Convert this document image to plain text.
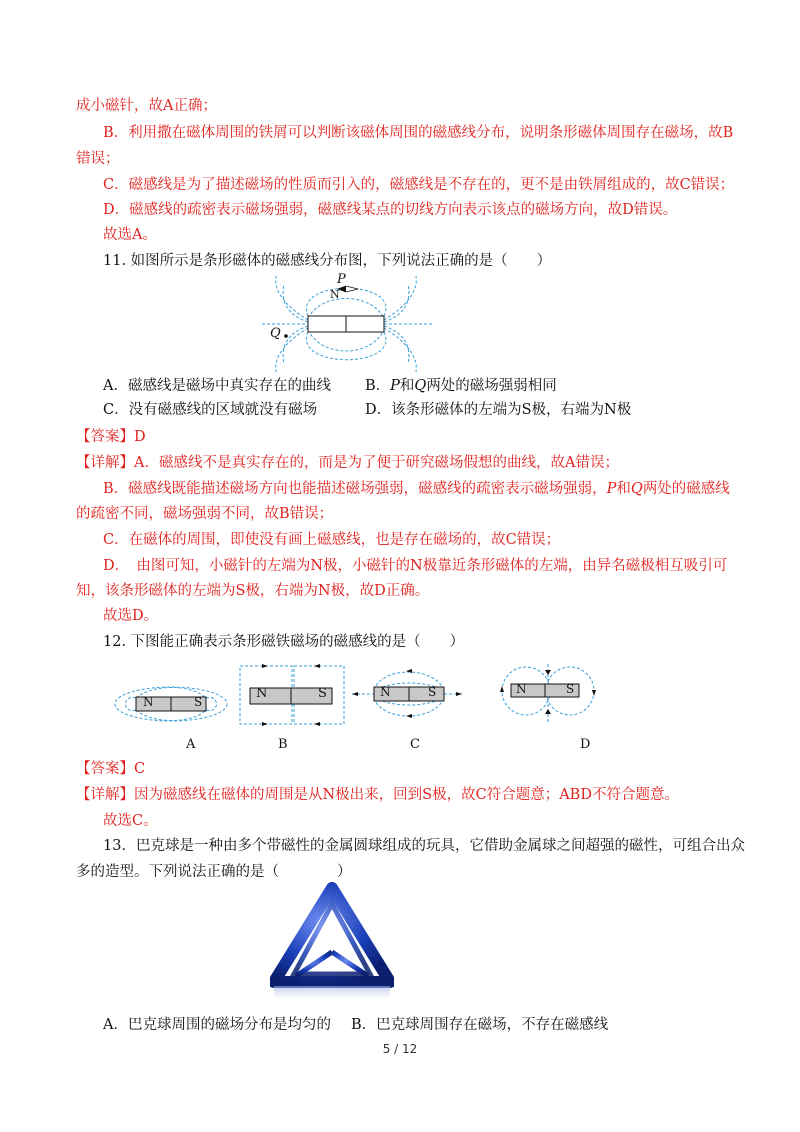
成小磁针，故A正确；
B．利用撒在磁体周围的铁屑可以判断该磁体周围的磁感线分布，说明条形磁体周围存在磁场，故B
错误；
C．磁感线是为了描述磁场的性质而引入的，磁感线是不存在的，更不是由铁屑组成的，故C错误；
D．磁感线的疏密表示磁场强弱，磁感线某点的切线方向表示该点的磁场方向，故D错误。
故选A。
11. 如图所示是条形磁体的磁感线分布图，下列说法正确的是（　　）
P
N
Q
A．磁感线是磁场中真实存在的曲线 B．P和Q两处的磁场强弱相同
C．没有磁感线的区域就没有磁场	D．该条形磁体的左端为S极，右端为N极
【答案】D
【详解】A．磁感线不是真实存在的，而是为了便于研究磁场假想的曲线，故A错误；
B．磁感线既能描述磁场方向也能描述磁场强弱，磁感线的疏密表示磁场强弱，P和Q两处的磁感线
的疏密不同，磁场强弱不同，故B错误；
C．在磁体的周围，即使没有画上磁感线，也是存在磁场的，故C错误；
D．　由图可知，小磁针的左端为N极，小磁针的N极靠近条形磁体的左端，由异名磁极相互吸引可
知，该条形磁体的左端为S极，右端为N极，故D正确。
故选D。
12. 下图能正确表示条形磁铁磁场的磁感线的是（　　）
N	S
A
N	S
B
N	S
C
N	S
D
【答案】C
【详解】因为磁感线在磁体的周围是从N极出来，回到S极，故C符合题意；ABD不符合题意。
故选C。
13．巴克球是一种由多个带磁性的金属圆球组成的玩具，它借助金属球之间超强的磁性，可组合出众
多的造型。下列说法正确的是（　　　　）
A．巴克球周围的磁场分布是均匀的 B．巴克球周围存在磁场，不存在磁感线
5 / 12
